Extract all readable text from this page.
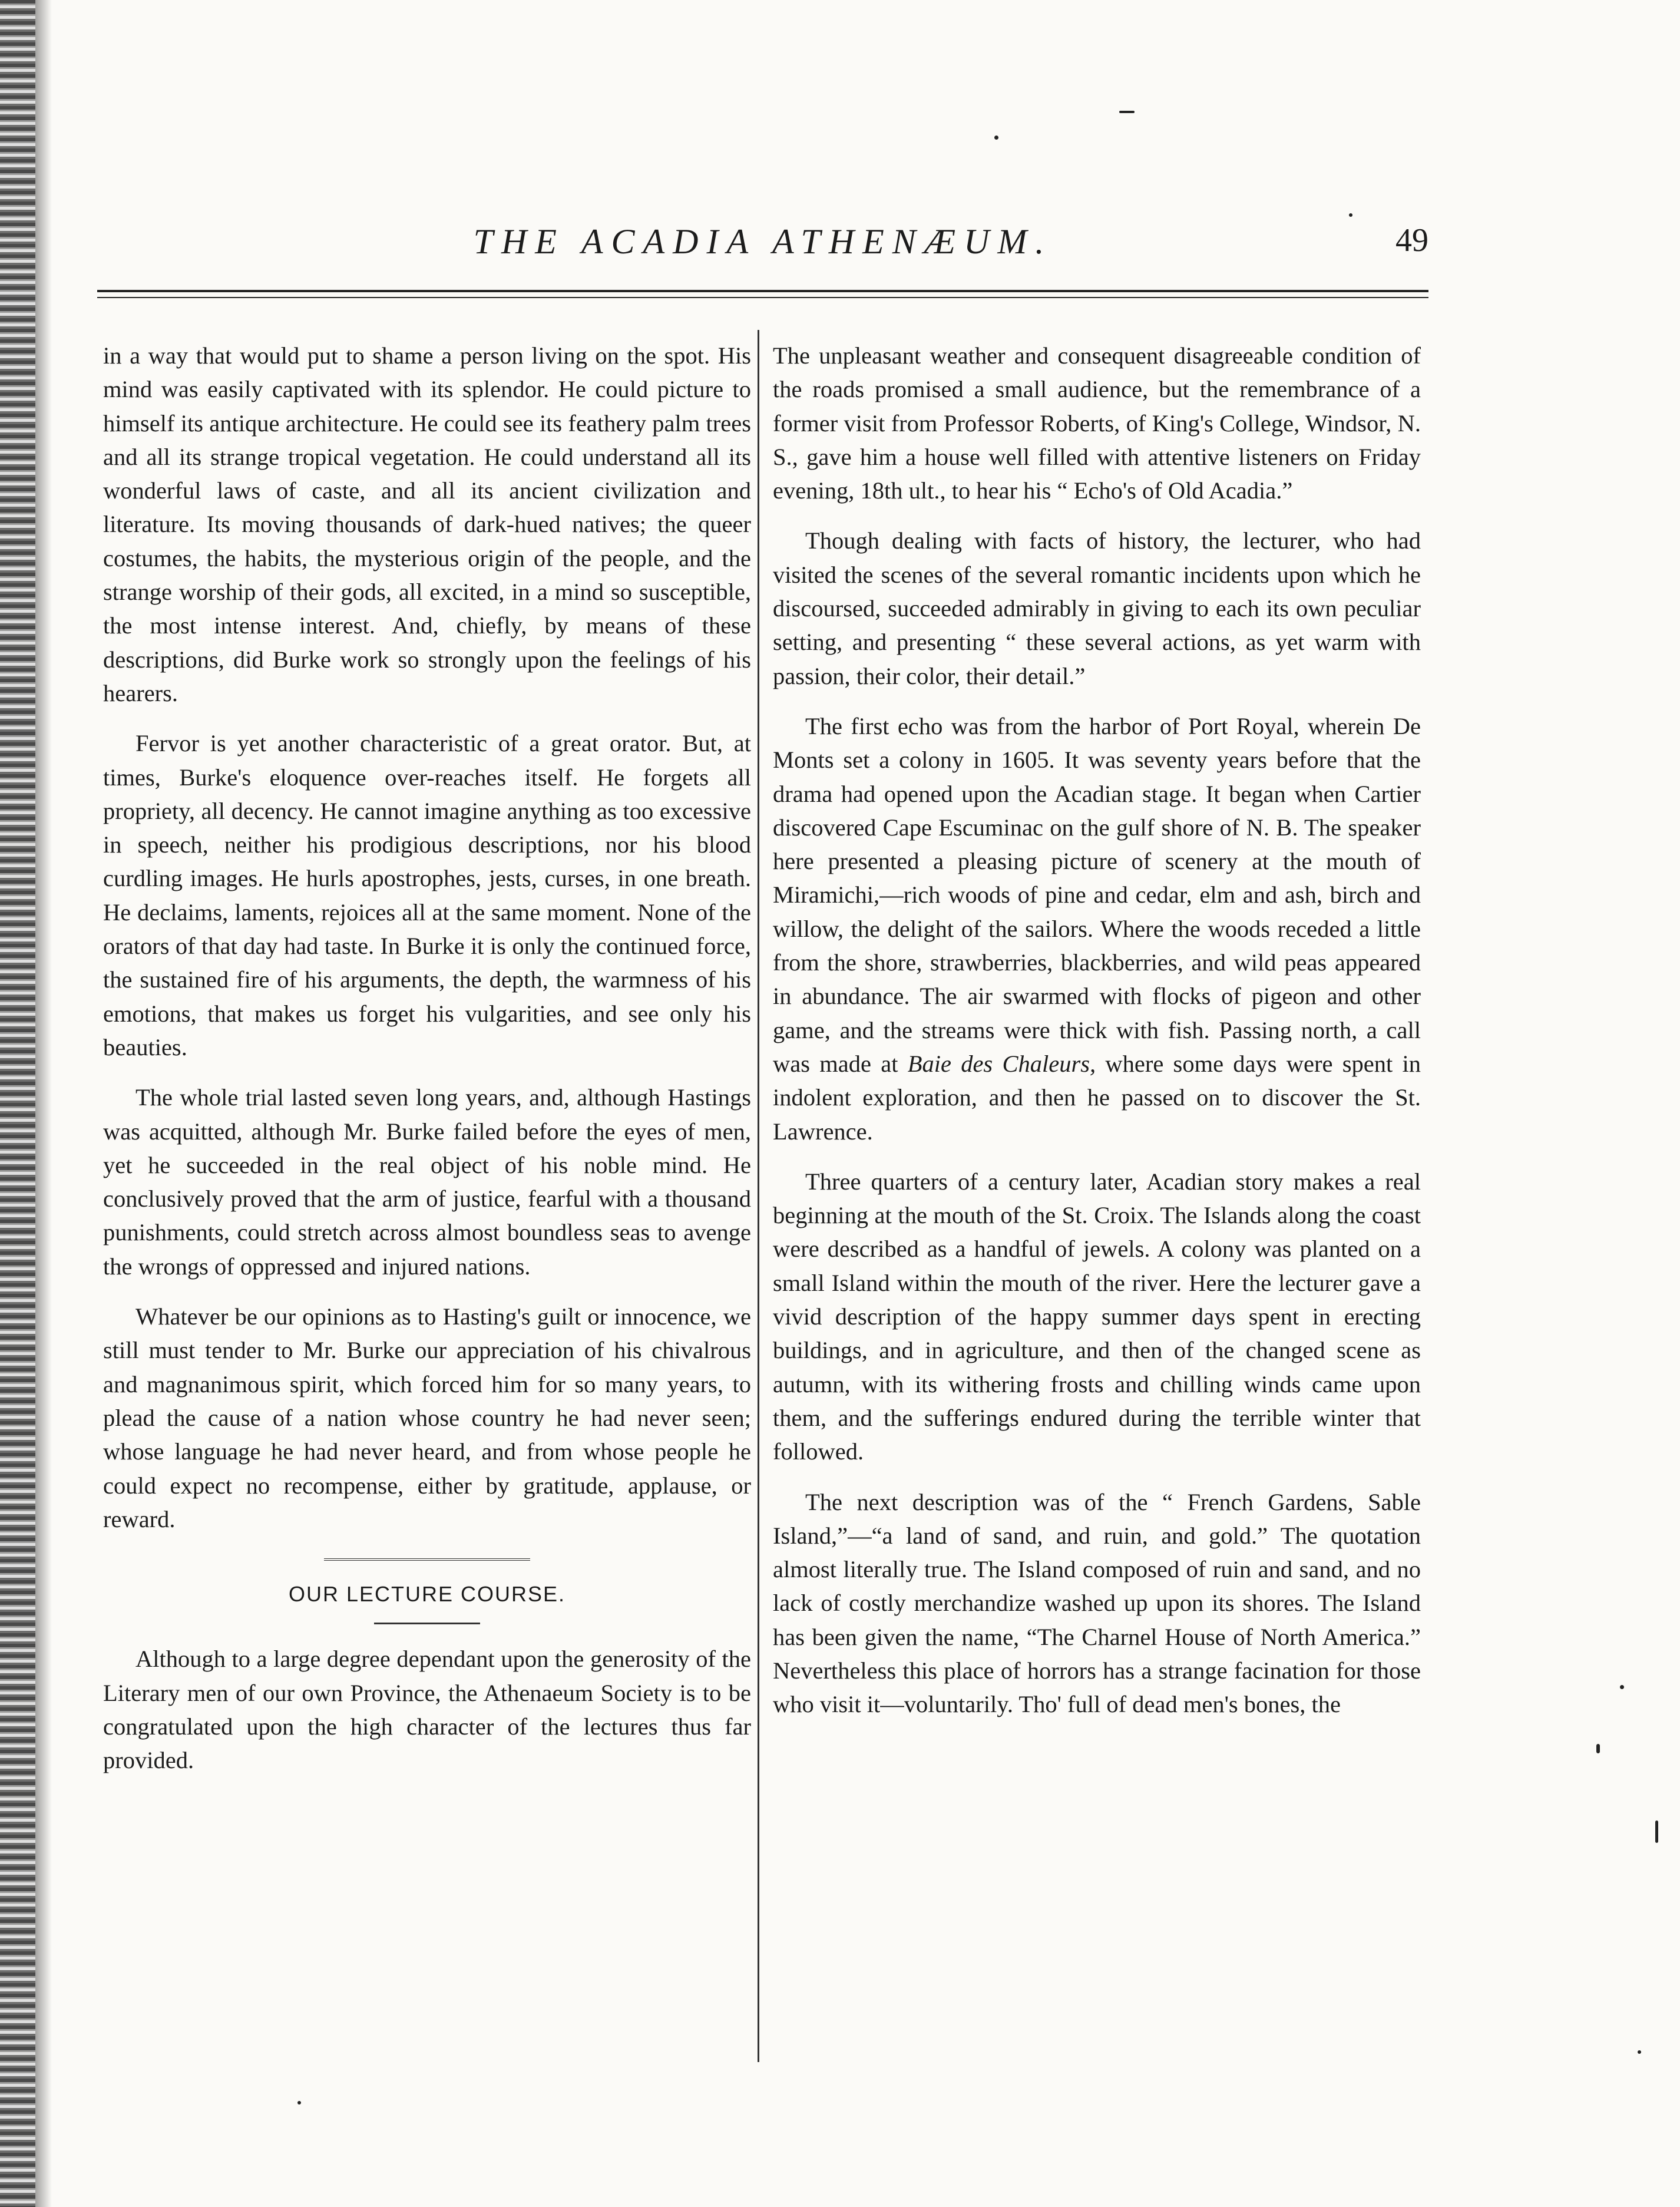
THE ACADIA ATHENÆUM.	49

in a way that would put to shame a person living on the spot. His mind was easily captivated with its splendor. He could picture to himself its antique architecture. He could see its feathery palm trees and all its strange tropical vegetation. He could understand all its wonderful laws of caste, and all its ancient civilization and literature. Its moving thousands of dark-hued natives; the queer costumes, the habits, the mysterious origin of the people, and the strange worship of their gods, all excited, in a mind so susceptible, the most intense interest. And, chiefly, by means of these descriptions, did Burke work so strongly upon the feelings of his hearers.

Fervor is yet another characteristic of a great orator. But, at times, Burke's eloquence over-reaches itself. He forgets all propriety, all decency. He cannot imagine anything as too excessive in speech, neither his prodigious descriptions, nor his blood curdling images. He hurls apostrophes, jests, curses, in one breath. He declaims, laments, rejoices all at the same moment. None of the orators of that day had taste. In Burke it is only the continued force, the sustained fire of his arguments, the depth, the warmness of his emotions, that makes us forget his vulgarities, and see only his beauties.

The whole trial lasted seven long years, and, although Hastings was acquitted, although Mr. Burke failed before the eyes of men, yet he succeeded in the real object of his noble mind. He conclusively proved that the arm of justice, fearful with a thousand punishments, could stretch across almost boundless seas to avenge the wrongs of oppressed and injured nations.

Whatever be our opinions as to Hasting's guilt or innocence, we still must tender to Mr. Burke our appreciation of his chivalrous and magnanimous spirit, which forced him for so many years, to plead the cause of a nation whose country he had never seen; whose language he had never heard, and from whose people he could expect no recompense, either by gratitude, applause, or reward.

OUR LECTURE COURSE.

Although to a large degree dependant upon the generosity of the Literary men of our own Province, the Athenaeum Society is to be congratulated upon the high character of the lectures thus far provided.

The unpleasant weather and consequent disagreeable condition of the roads promised a small audience, but the remembrance of a former visit from Professor Roberts, of King's College, Windsor, N. S., gave him a house well filled with attentive listeners on Friday evening, 18th ult., to hear his “ Echo's of Old Acadia.”

Though dealing with facts of history, the lecturer, who had visited the scenes of the several romantic incidents upon which he discoursed, succeeded admirably in giving to each its own peculiar setting, and presenting “ these several actions, as yet warm with passion, their color, their detail.”

The first echo was from the harbor of Port Royal, wherein De Monts set a colony in 1605. It was seventy years before that the drama had opened upon the Acadian stage. It began when Cartier discovered Cape Escuminac on the gulf shore of N. B. The speaker here presented a pleasing picture of scenery at the mouth of Miramichi,—rich woods of pine and cedar, elm and ash, birch and willow, the delight of the sailors. Where the woods receded a little from the shore, strawberries, blackberries, and wild peas appeared in abundance. The air swarmed with flocks of pigeon and other game, and the streams were thick with fish. Passing north, a call was made at Baie des Chaleurs, where some days were spent in indolent exploration, and then he passed on to discover the St. Lawrence.

Three quarters of a century later, Acadian story makes a real beginning at the mouth of the St. Croix. The Islands along the coast were described as a handful of jewels. A colony was planted on a small Island within the mouth of the river. Here the lecturer gave a vivid description of the happy summer days spent in erecting buildings, and in agriculture, and then of the changed scene as autumn, with its withering frosts and chilling winds came upon them, and the sufferings endured during the terrible winter that followed.

The next description was of the “ French Gardens, Sable Island,”—“a land of sand, and ruin, and gold.” The quotation almost literally true. The Island composed of ruin and sand, and no lack of costly merchandize washed up upon its shores. The Island has been given the name, “The Charnel House of North America.” Nevertheless this place of horrors has a strange facination for those who visit it—voluntarily. Tho' full of dead men's bones, the
